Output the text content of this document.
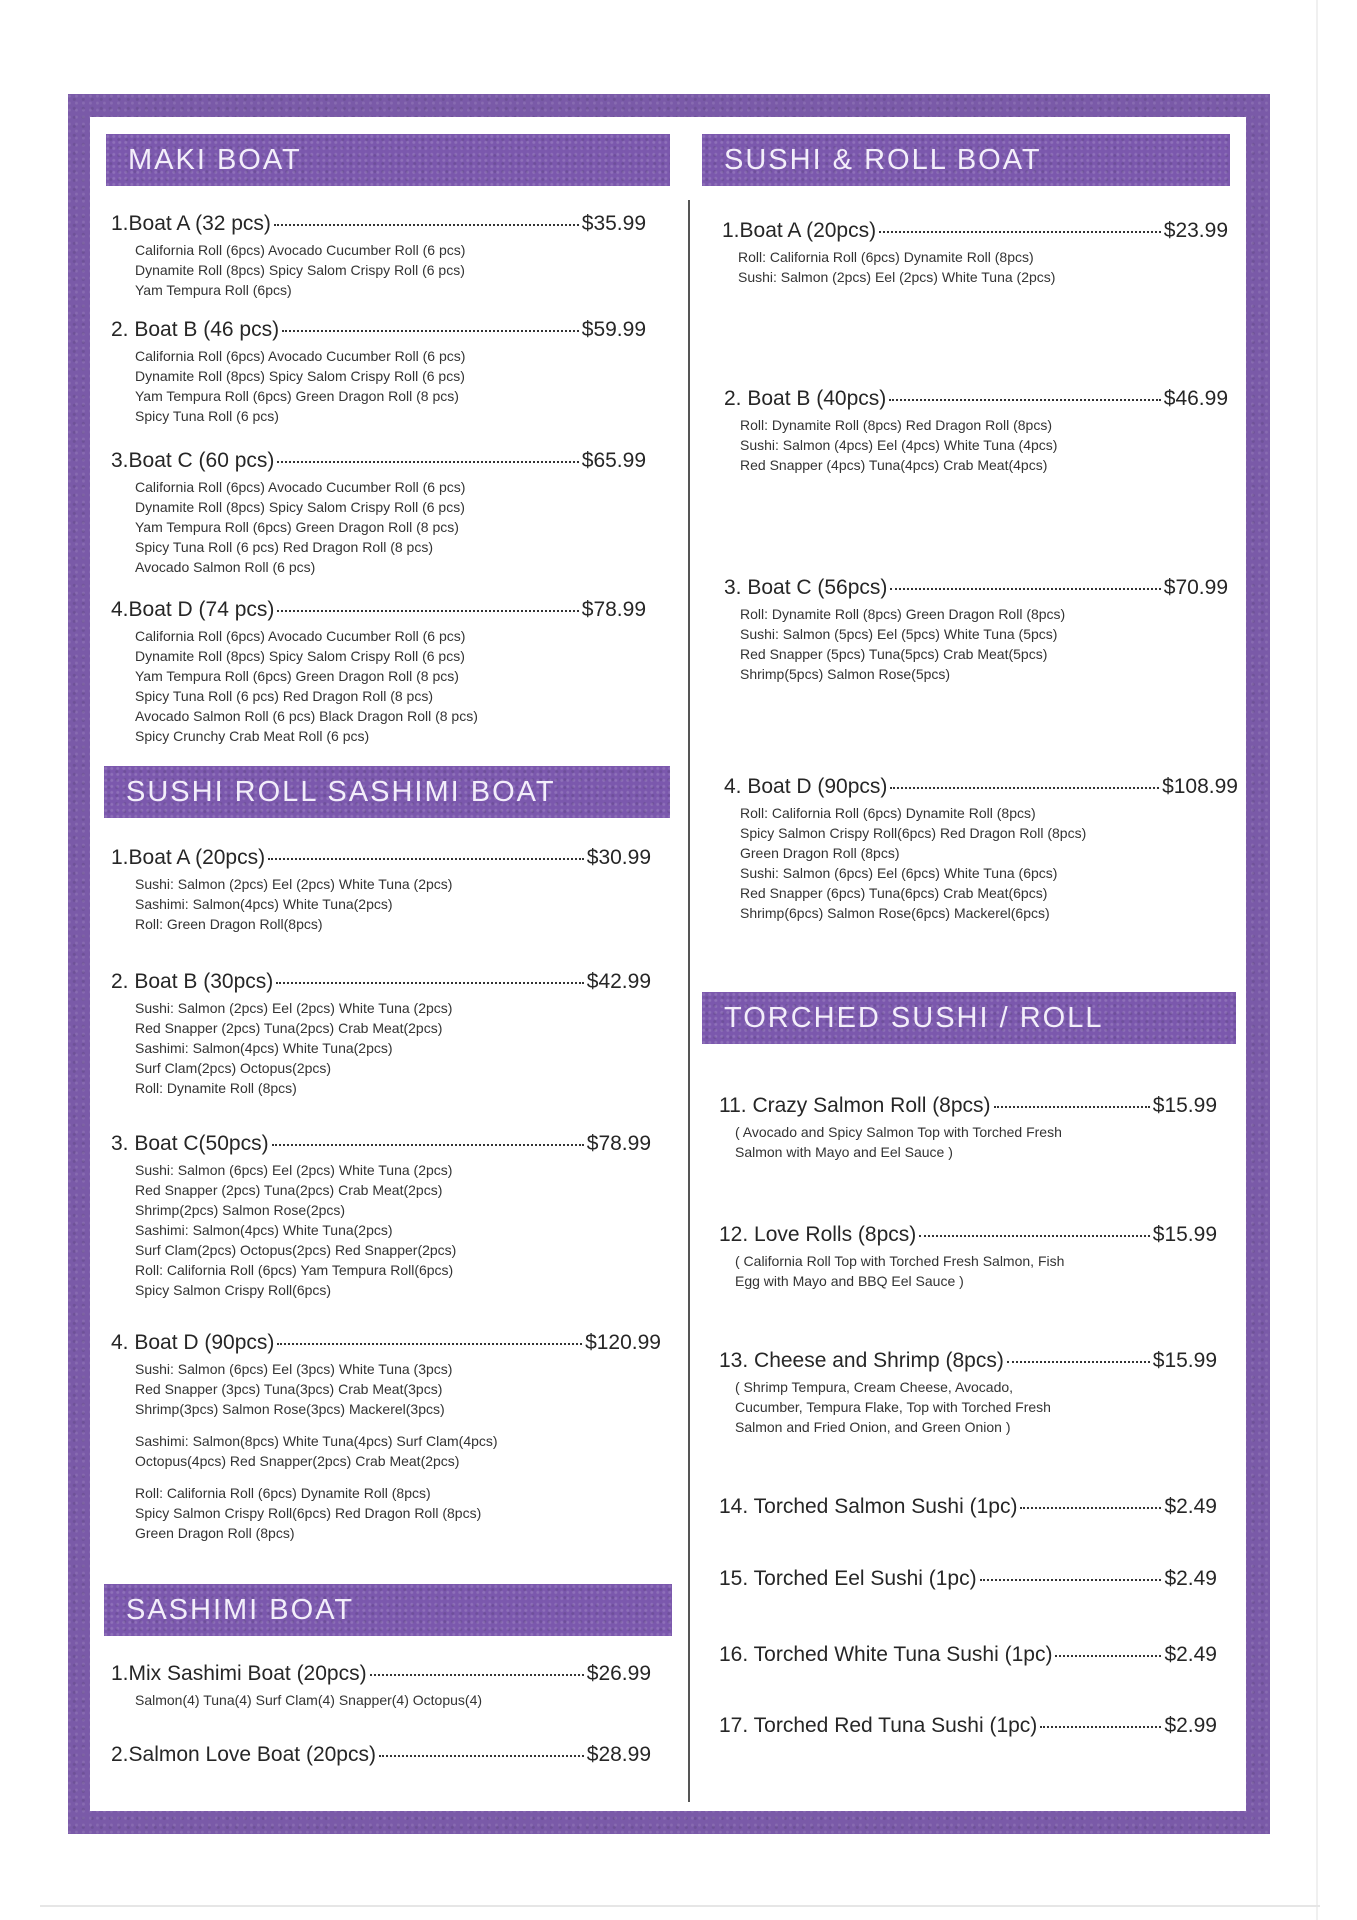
MAKI BOAT
1.Boat A (32 pcs)	$35.99
California Roll (6pcs) Avocado Cucumber Roll (6 pcs)
Dynamite Roll (8pcs) Spicy Salom Crispy Roll (6 pcs)
Yam Tempura Roll (6pcs)
2. Boat B (46 pcs)	$59.99
California Roll (6pcs) Avocado Cucumber Roll (6 pcs)
Dynamite Roll (8pcs) Spicy Salom Crispy Roll (6 pcs)
Yam Tempura Roll (6pcs) Green Dragon Roll (8 pcs)
Spicy Tuna Roll (6 pcs)
3.Boat C (60 pcs)	$65.99
California Roll (6pcs) Avocado Cucumber Roll (6 pcs)
Dynamite Roll (8pcs) Spicy Salom Crispy Roll (6 pcs)
Yam Tempura Roll (6pcs) Green Dragon Roll (8 pcs)
Spicy Tuna Roll (6 pcs) Red Dragon Roll (8 pcs)
Avocado Salmon Roll (6 pcs)
4.Boat D (74 pcs)	$78.99
California Roll (6pcs) Avocado Cucumber Roll (6 pcs)
Dynamite Roll (8pcs) Spicy Salom Crispy Roll (6 pcs)
Yam Tempura Roll (6pcs) Green Dragon Roll (8 pcs)
Spicy Tuna Roll (6 pcs) Red Dragon Roll (8 pcs)
Avocado Salmon Roll (6 pcs) Black Dragon Roll (8 pcs)
Spicy Crunchy Crab Meat Roll (6 pcs)
SUSHI ROLL SASHIMI BOAT
1.Boat A (20pcs)	$30.99
Sushi: Salmon (2pcs) Eel (2pcs) White Tuna (2pcs)
Sashimi: Salmon(4pcs) White Tuna(2pcs)
Roll: Green Dragon Roll(8pcs)
2. Boat B (30pcs)	$42.99
Sushi: Salmon (2pcs) Eel (2pcs) White Tuna (2pcs)
Red Snapper (2pcs) Tuna(2pcs) Crab Meat(2pcs)
Sashimi: Salmon(4pcs) White Tuna(2pcs)
Surf Clam(2pcs) Octopus(2pcs)
Roll: Dynamite Roll (8pcs)
3. Boat C(50pcs)	$78.99
Sushi: Salmon (6pcs) Eel (2pcs) White Tuna (2pcs)
Red Snapper (2pcs) Tuna(2pcs) Crab Meat(2pcs)
Shrimp(2pcs) Salmon Rose(2pcs)
Sashimi: Salmon(4pcs) White Tuna(2pcs)
Surf Clam(2pcs) Octopus(2pcs) Red Snapper(2pcs)
Roll: California Roll (6pcs) Yam Tempura Roll(6pcs)
Spicy Salmon Crispy Roll(6pcs)
4. Boat D (90pcs)	$120.99
Sushi: Salmon (6pcs) Eel (3pcs) White Tuna (3pcs)
Red Snapper (3pcs) Tuna(3pcs) Crab Meat(3pcs)
Shrimp(3pcs) Salmon Rose(3pcs) Mackerel(3pcs)
Sashimi: Salmon(8pcs) White Tuna(4pcs) Surf Clam(4pcs)
Octopus(4pcs) Red Snapper(2pcs) Crab Meat(2pcs)
Roll: California Roll (6pcs) Dynamite Roll (8pcs)
Spicy Salmon Crispy Roll(6pcs) Red Dragon Roll (8pcs)
Green Dragon Roll (8pcs)
SASHIMI BOAT
1.Mix Sashimi Boat (20pcs)	$26.99
Salmon(4) Tuna(4) Surf Clam(4) Snapper(4) Octopus(4)
2.Salmon Love Boat (20pcs)	$28.99
SUSHI & ROLL BOAT
1.Boat A (20pcs)	$23.99
Roll: California Roll (6pcs) Dynamite Roll (8pcs)
Sushi: Salmon (2pcs) Eel (2pcs) White Tuna (2pcs)
2. Boat B (40pcs)	$46.99
Roll: Dynamite Roll (8pcs) Red Dragon Roll (8pcs)
Sushi: Salmon (4pcs) Eel (4pcs) White Tuna (4pcs)
Red Snapper (4pcs) Tuna(4pcs) Crab Meat(4pcs)
3. Boat C (56pcs)	$70.99
Roll: Dynamite Roll (8pcs) Green Dragon Roll (8pcs)
Sushi: Salmon (5pcs) Eel (5pcs) White Tuna (5pcs)
Red Snapper (5pcs) Tuna(5pcs) Crab Meat(5pcs)
Shrimp(5pcs) Salmon Rose(5pcs)
4. Boat D (90pcs)	$108.99
Roll: California Roll (6pcs) Dynamite Roll (8pcs)
Spicy Salmon Crispy Roll(6pcs) Red Dragon Roll (8pcs)
Green Dragon Roll (8pcs)
Sushi: Salmon (6pcs) Eel (6pcs) White Tuna (6pcs)
Red Snapper (6pcs) Tuna(6pcs) Crab Meat(6pcs)
Shrimp(6pcs) Salmon Rose(6pcs) Mackerel(6pcs)
TORCHED SUSHI / ROLL
11. Crazy Salmon Roll (8pcs)	$15.99
( Avocado and Spicy Salmon Top with Torched Fresh
Salmon with Mayo and Eel Sauce )
12. Love Rolls (8pcs)	$15.99
( California Roll Top with Torched Fresh Salmon, Fish
Egg with Mayo and BBQ Eel Sauce )
13. Cheese and Shrimp (8pcs)	$15.99
( Shrimp Tempura, Cream Cheese, Avocado,
Cucumber, Tempura Flake, Top with Torched Fresh
Salmon and Fried Onion, and Green Onion )
14. Torched Salmon Sushi (1pc)	$2.49
15. Torched Eel Sushi (1pc)	$2.49
16. Torched White Tuna Sushi (1pc)	$2.49
17. Torched Red Tuna Sushi (1pc)	$2.99
